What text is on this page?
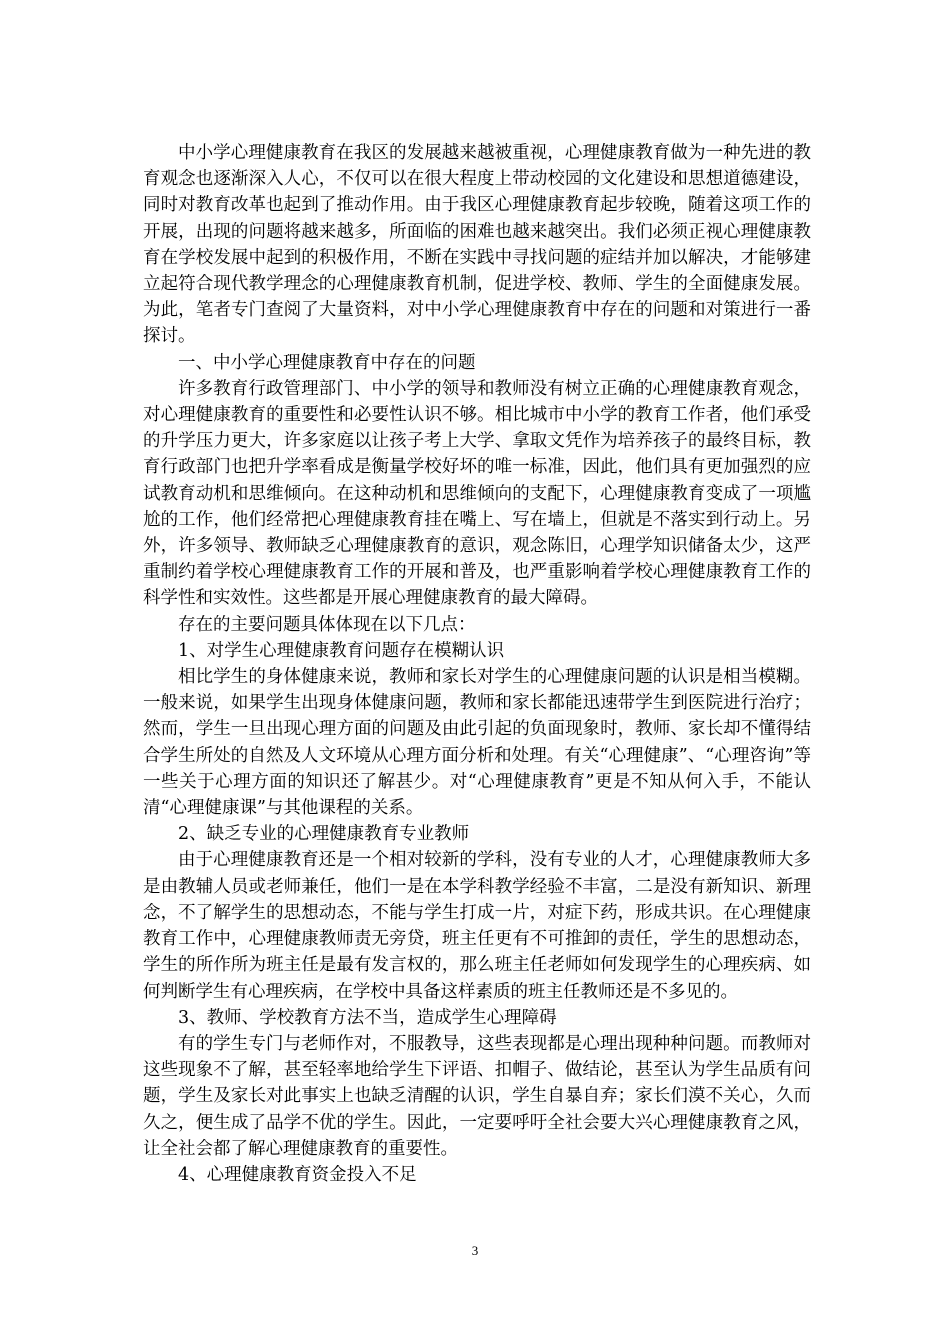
中小学心理健康教育在我区的发展越来越被重视，心理健康教育做为一种先进的教育观念也逐渐深入人心，不仅可以在很大程度上带动校园的文化建设和思想道德建设，同时对教育改革也起到了推动作用。由于我区心理健康教育起步较晚，随着这项工作的开展，出现的问题将越来越多，所面临的困难也越来越突出。我们必须正视心理健康教育在学校发展中起到的积极作用，不断在实践中寻找问题的症结并加以解决，才能够建立起符合现代教学理念的心理健康教育机制，促进学校、教师、学生的全面健康发展。为此，笔者专门查阅了大量资料，对中小学心理健康教育中存在的问题和对策进行一番探讨。

一、中小学心理健康教育中存在的问题

许多教育行政管理部门、中小学的领导和教师没有树立正确的心理健康教育观念，对心理健康教育的重要性和必要性认识不够。相比城市中小学的教育工作者，他们承受的升学压力更大，许多家庭以让孩子考上大学、拿取文凭作为培养孩子的最终目标，教育行政部门也把升学率看成是衡量学校好坏的唯一标准，因此，他们具有更加强烈的应试教育动机和思维倾向。在这种动机和思维倾向的支配下，心理健康教育变成了一项尴尬的工作，他们经常把心理健康教育挂在嘴上、写在墙上，但就是不落实到行动上。另外，许多领导、教师缺乏心理健康教育的意识，观念陈旧，心理学知识储备太少，这严重制约着学校心理健康教育工作的开展和普及，也严重影响着学校心理健康教育工作的科学性和实效性。这些都是开展心理健康教育的最大障碍。

存在的主要问题具体体现在以下几点：

1、对学生心理健康教育问题存在模糊认识

相比学生的身体健康来说，教师和家长对学生的心理健康问题的认识是相当模糊。一般来说，如果学生出现身体健康问题，教师和家长都能迅速带学生到医院进行治疗；然而，学生一旦出现心理方面的问题及由此引起的负面现象时，教师、家长却不懂得结合学生所处的自然及人文环境从心理方面分析和处理。有关“心理健康”、“心理咨询”等一些关于心理方面的知识还了解甚少。对“心理健康教育”更是不知从何入手，不能认清“心理健康课”与其他课程的关系。

2、缺乏专业的心理健康教育专业教师

由于心理健康教育还是一个相对较新的学科，没有专业的人才，心理健康教师大多是由教辅人员或老师兼任，他们一是在本学科教学经验不丰富，二是没有新知识、新理念，不了解学生的思想动态，不能与学生打成一片，对症下药，形成共识。在心理健康教育工作中，心理健康教师责无旁贷，班主任更有不可推卸的责任，学生的思想动态，学生的所作所为班主任是最有发言权的，那么班主任老师如何发现学生的心理疾病、如何判断学生有心理疾病，在学校中具备这样素质的班主任教师还是不多见的。

3、教师、学校教育方法不当，造成学生心理障碍

有的学生专门与老师作对，不服教导，这些表现都是心理出现种种问题。而教师对这些现象不了解，甚至轻率地给学生下评语、扣帽子、做结论，甚至认为学生品质有问题，学生及家长对此事实上也缺乏清醒的认识，学生自暴自弃；家长们漠不关心，久而久之，便生成了品学不优的学生。因此，一定要呼吁全社会要大兴心理健康教育之风，让全社会都了解心理健康教育的重要性。

4、心理健康教育资金投入不足

3
